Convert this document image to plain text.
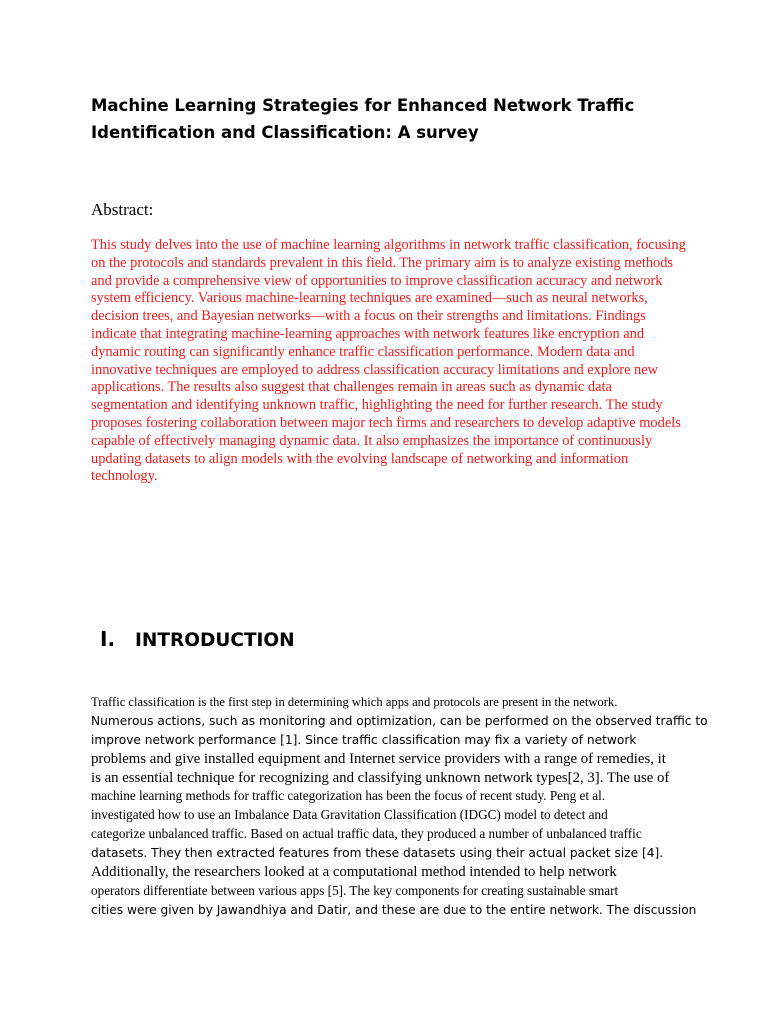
Machine Learning Strategies for Enhanced Network Traffic Identification and Classification: A survey
Abstract:

This study delves into the use of machine learning algorithms in network traffic classification, focusing on the protocols and standards prevalent in this field. The primary aim is to analyze existing methods and provide a comprehensive view of opportunities to improve classification accuracy and network system efficiency. Various machine-learning techniques are examined—such as neural networks, decision trees, and Bayesian networks—with a focus on their strengths and limitations. Findings indicate that integrating machine-learning approaches with network features like encryption and dynamic routing can significantly enhance traffic classification performance. Modern data and innovative techniques are employed to address classification accuracy limitations and explore new applications. The results also suggest that challenges remain in areas such as dynamic data segmentation and identifying unknown traffic, highlighting the need for further research. The study proposes fostering collaboration between major tech firms and researchers to develop adaptive models capable of effectively managing dynamic data. It also emphasizes the importance of continuously updating datasets to align models with the evolving landscape of networking and information technology.

I. INTRODUCTION
Traffic classification is the first step in determining which apps and protocols are present in the network.
Numerous actions, such as monitoring and optimization, can be performed on the observed traffic to
improve network performance [1]. Since traffic classification may fix a variety of network
problems and give installed equipment and Internet service providers with a range of remedies, it
is an essential technique for recognizing and classifying unknown network types[2, 3]. The use of
machine learning methods for traffic categorization has been the focus of recent study. Peng et al.
investigated how to use an Imbalance Data Gravitation Classification (IDGC) model to detect and
categorize unbalanced traffic. Based on actual traffic data, they produced a number of unbalanced traffic
datasets. They then extracted features from these datasets using their actual packet size [4].
Additionally, the researchers looked at a computational method intended to help network
operators differentiate between various apps [5]. The key components for creating sustainable smart
cities were given by Jawandhiya and Datir, and these are due to the entire network. The discussion
